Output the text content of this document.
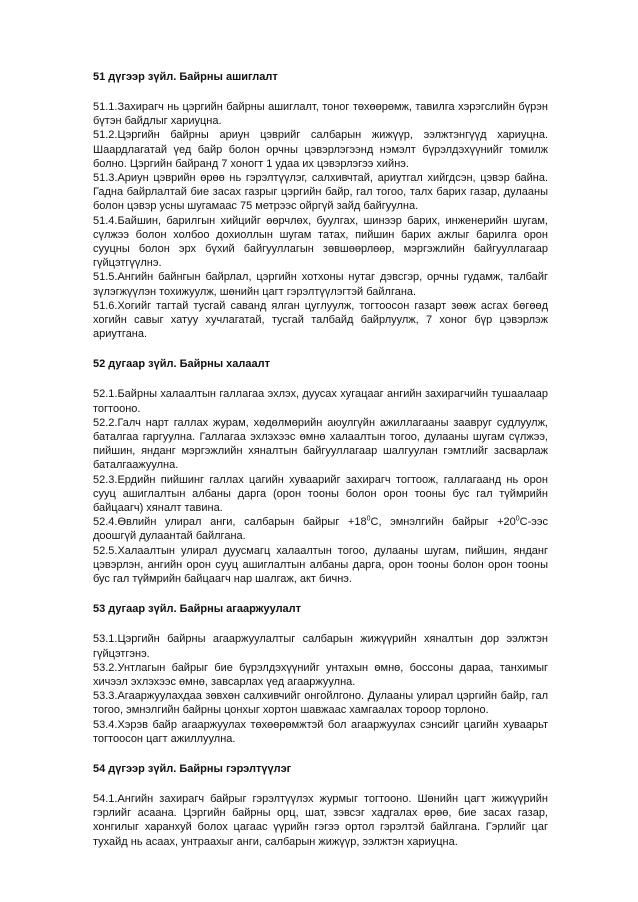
51 дүгээр зүйл. Байрны ашиглалт

51.1.Захирагч нь цэргийн байрны ашиглалт, тоног төхөөрөмж, тавилга хэрэгслийн бүрэн бүтэн байдлыг хариуцна.

51.2.Цэргийн байрны ариун цэврийг салбарын жижүүр, ээлжтэнгүүд хариуцна. Шаардлагатай үед байр болон орчны цэвэрлэгээнд нэмэлт бүрэлдэхүүнийг томилж болно. Цэргийн байранд 7 хоногт 1 удаа их цэвэрлэгээ хийнэ.

51.3.Ариун цэврийн өрөө нь гэрэлтүүлэг, салхивчтай, ариутгал хийгдсэн, цэвэр байна. Гадна байрлалтай бие засах газрыг цэргийн байр, гал тогоо, талх барих газар, дулааны болон цэвэр усны шугамаас 75 метрээс ойргүй зайд байгуулна.

51.4.Байшин, барилгын хийцийг өөрчлөх, буулгах, шинээр барих, инженерийн шугам, сүлжээ болон холбоо дохиоллын шугам татах, пийшин барих ажлыг барилга орон сууцны болон эрх бүхий байгууллагын зөвшөөрлөөр, мэргэжлийн байгууллагаар гүйцэтгүүлнэ.

51.5.Ангийн байнгын байрлал, цэргийн хотхоны нутаг дэвсгэр, орчны гудамж, талбайг зүлэгжүүлэн тохижуулж, шөнийн цагт гэрэлтүүлэгтэй байлгана.

51.6.Хогийг тагтай тусгай саванд ялган цуглуулж, тогтоосон газарт зөөж асгах бөгөөд хогийн савыг хатуу хучлагатай, тусгай талбайд байрлуулж, 7 хоног бүр цэвэрлэж ариутгана.

52 дугаар зүйл. Байрны халаалт

52.1.Байрны халаалтын галлагаа эхлэх, дуусах хугацааг ангийн захирагчийн тушаалаар тогтооно.

52.2.Галч нарт галлах журам, хөдөлмөрийн аюулгүйн ажиллагааны заавруг судлуулж, баталгаа гаргуулна. Галлагаа эхлэхээс өмнө халаалтын тогоо, дулааны шугам сүлжээ, пийшин, янданг мэргэжлийн хяналтын байгууллагаар шалгуулан гэмтлийг засварлаж баталгаажуулна.

52.3.Ердийн пийшинг галлах цагийн хуваарийг захирагч тогтоож, галлагаанд нь орон сууц ашиглалтын албаны дарга (орон тооны болон орон тооны бус гал түймрийн байцаагч) хяналт тавина.

52.4.Өвлийн улирал анги, салбарын байрыг $+18^0С$, эмнэлгийн байрыг $+20^0С$-ээс доошгүй дулаантай байлгана.

52.5.Халаалтын улирал дуусмагц халаалтын тогоо, дулааны шугам, пийшин, янданг цэвэрлэн, ангийн орон сууц ашиглалтын албаны дарга, орон тооны болон орон тооны бус гал түймрийн байцаагч нар шалгаж, акт бичнэ.

53 дугаар зүйл. Байрны агааржуулалт

53.1.Цэргийн байрны агааржуулалтыг салбарын жижүүрийн хяналтын дор ээлжтэн гүйцэтгэнэ.

53.2.Унтлагын байрыг бие бүрэлдэхүүнийг унтахын өмнө, боссоны дараа, танхимыг хичээл эхлэхээс өмнө, завсарлах үед агааржуулна.

53.3.Агааржуулахдаа зөвхөн салхивчийг онгойлгоно. Дулааны улирал цэргийн байр, гал тогоо, эмнэлгийн байрны цонхыг хортон шавжаас хамгаалах тороор торлоно.

53.4.Хэрэв байр агааржуулах төхөөрөмжтэй бол агааржуулах сэнсийг цагийн хуваарьт тогтоосон цагт ажиллуулна.

54 дүгээр зүйл. Байрны гэрэлтүүлэг

54.1.Ангийн захирагч байрыг гэрэлтүүлэх журмыг тогтооно. Шөнийн цагт жижүүрийн гэрлийг асаана. Цэргийн байрны орц, шат, зэвсэг хадгалах өрөө, бие засах газар, хонгилыг харанхуй болох цагаас үүрийн гэгээ ортол гэрэлтэй байлгана. Гэрлийг цаг тухайд нь асаах, унтраахыг анги, салбарын жижүүр, ээлжтэн хариуцна.
